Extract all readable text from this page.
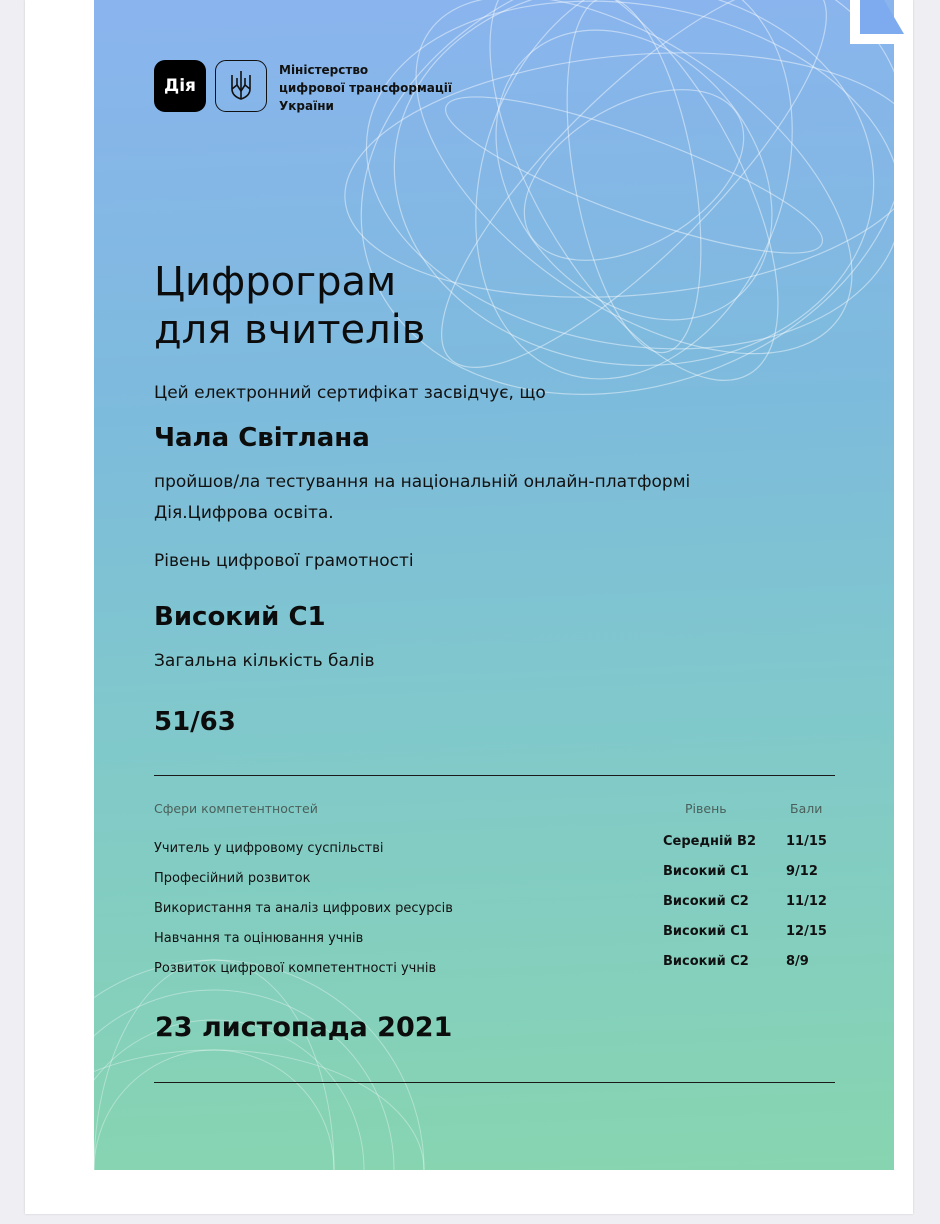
Дія
Міністерство
цифрової трансформації
України
Цифрограм
для вчителів
Цей електронний сертифікат засвідчує, що
Чала Світлана
пройшов/ла тестування на національній онлайн-платформі
Дія.Цифрова освіта.
Рівень цифрової грамотності
Високий С1
Загальна кількість балів
51/63
Сфери компетентностей	Рівень	Бали
Учитель у цифровому суспільстві	Середній В2 11/15
Професійний розвиток	Високий С1	9/12
Використання та аналіз цифрових ресурсів	Високий С2	11/12
Навчання та оцінювання учнів	Високий С1	12/15
Розвиток цифрової компетентності учнів	Високий С2	8/9
23 листопада 2021
